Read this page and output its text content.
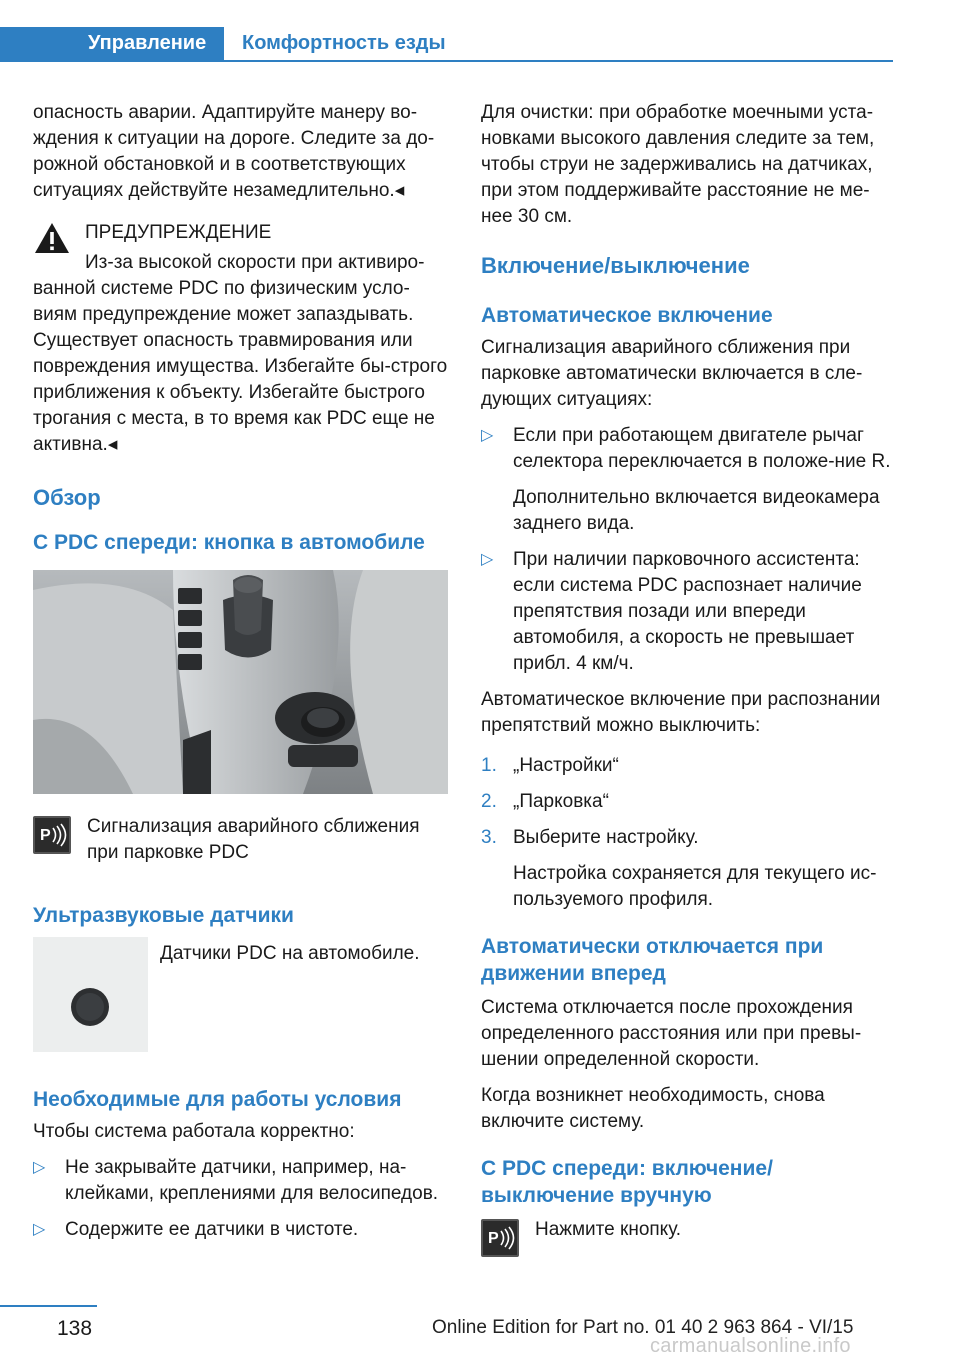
Управление	Комфортность езды

опасность аварии. Адаптируйте манеру во-ждения к ситуации на дороге. Следите за до-рожной обстановкой и в соответствующих ситуациях действуйте незамедлительно.◂

ПРЕДУПРЕЖДЕНИЕ
Из-за высокой скорости при активиро-

ванной системе PDC по физическим усло-виям предупреждение может запаздывать. Существует опасность травмирования или повреждения имущества. Избегайте бы-строго приближения к объекту. Избегайте быстрого трогания с места, в то время как PDC еще не активна.◂

Обзор
С PDC спереди: кнопка в автомобиле
P Сигнализация аварийного сближения при парковке PDC

Ультразвуковые датчики

Датчики PDC на автомобиле.

Необходимые для работы условия

Чтобы система работала корректно:

▷ Не закрывайте датчики, например, на-клейками, креплениями для велосипедов.
▷ Содержите ее датчики в чистоте.

Для очистки: при обработке моечными уста-новками высокого давления следите за тем, чтобы струи не задерживались на датчиках, при этом поддерживайте расстояние не ме-нее 30 см.

Включение/выключение
Автоматическое включение

Сигнализация аварийного сближения при парковке автоматически включается в сле-дующих ситуациях:

▷ Если при работающем двигателе рычаг селектора переключается в положе-ние R.
Дополнительно включается видеокамера заднего вида.
▷ При наличии парковочного ассистента: если система PDC распознает наличие препятствия позади или впереди автомобиля, а скорость не превышает прибл. 4 км/ч.

Автоматическое включение при распознании препятствий можно выключить:

1. „Настройки“
2. „Парковка“
3. Выберите настройку.
Настройка сохраняется для текущего ис-пользуемого профиля.
Автоматически отключается при движении вперед

Система отключается после прохождения определенного расстояния или при превы-шении определенной скорости.

Когда возникнет необходимость, снова включите систему.

С PDC спереди: включение/выключение вручную
P Нажмите кнопку.

138	Online Edition for Part no. 01 40 2 963 864 - VI/15
carmanualsonline.info
